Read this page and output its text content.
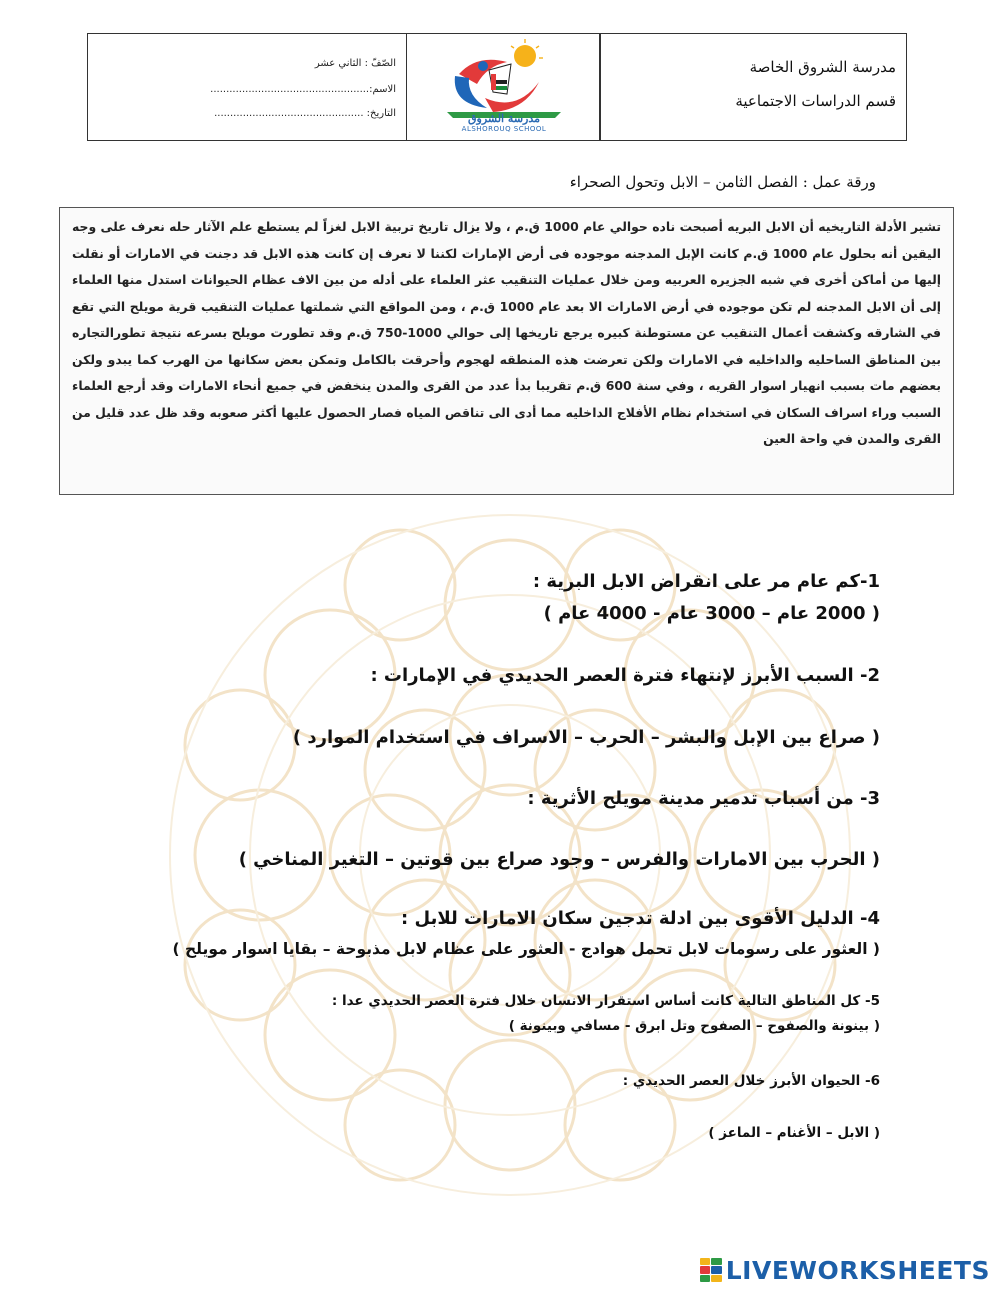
مدرسة الشروق الخاصة
قسم الدراسات الاجتماعية
مدرسة الشروق
ALSHOROUQ SCHOOL
الصّفّ : الثاني عشر
الاسم:..................................................
التاريخ: ...............................................
ورقة عمل : الفصل الثامن – الابل وتحول الصحراء
تشير الأدلة التاريخيه أن الابل البريه أصبحت ناده حوالي عام 1000 ق.م ، ولا يزال تاريخ تربية الابل لغزاً لم يستطع علم الآثار حله نعرف على وجه اليقين أنه بحلول عام 1000 ق.م كانت الإبل المدجنه موجوده فى أرض الإمارات لكننا لا نعرف إن كانت هذه الابل قد دجنت في الامارات أو نقلت إليها من أماكن أخرى في شبه الجزيره العربيه ومن خلال عمليات التنقيب عثر العلماء على أدله من بين الاف عظام الحيوانات استدل منها العلماء إلى أن الابل المدجنه لم تكن موجوده في أرض الامارات الا بعد عام 1000 ق.م ، ومن المواقع التي شملتها عمليات التنقيب قرية مويلح التي تقع في الشارقه وكشفت أعمال التنقيب عن مستوطنة كبيره يرجع تاريخها إلى حوالي 1000-750 ق.م وقد تطورت مويلح بسرعه نتيجة تطورالتجاره بين المناطق الساحليه والداخليه في الامارات ولكن تعرضت هذه المنطقه لهجوم وأحرقت بالكامل وتمكن بعض سكانها من الهرب كما يبدو ولكن بعضهم مات بسبب انهيار اسوار القريه ، وفي سنة 600 ق.م تقريبا بدأ عدد من القرى والمدن ينخفض في جميع أنحاء الامارات وقد أرجع العلماء السبب وراء اسراف السكان في استخدام نظام الأفلاج الداخليه مما أدى الى تناقص المياه فصار الحصول عليها أكثر صعوبه وقد ظل عدد قليل من القرى والمدن في واحة العين
1-كم عام مر على انقراض الابل البرية :
( 2000 عام – 3000 عام - 4000 عام )
2- السبب الأبرز لإنتهاء فترة العصر الحديدي في الإمارات :
( صراع بين الإبل والبشر – الحرب – الاسراف في استخدام الموارد )
3- من أسباب تدمير مدينة مويلح الأثرية :
( الحرب بين الامارات والفرس – وجود صراع بين قوتين – التغير المناخي )
4- الدليل الأقوى بين ادلة تدجين سكان الامارات للابل :
( العثور على رسومات لابل تحمل هوادج - العثور على عظام لابل مذبوحة – بقايا اسوار مويلح )
5- كل المناطق التالية كانت أساس استقرار الانسان خلال فترة العصر الحديدي عدا :
( بينونة والصفوح – الصفوح وتل ابرق - مسافي وبينونة )
6- الحيوان الأبرز خلال العصر الحديدي :
( الابل – الأغنام – الماعز )
LIVEWORKSHEETS
